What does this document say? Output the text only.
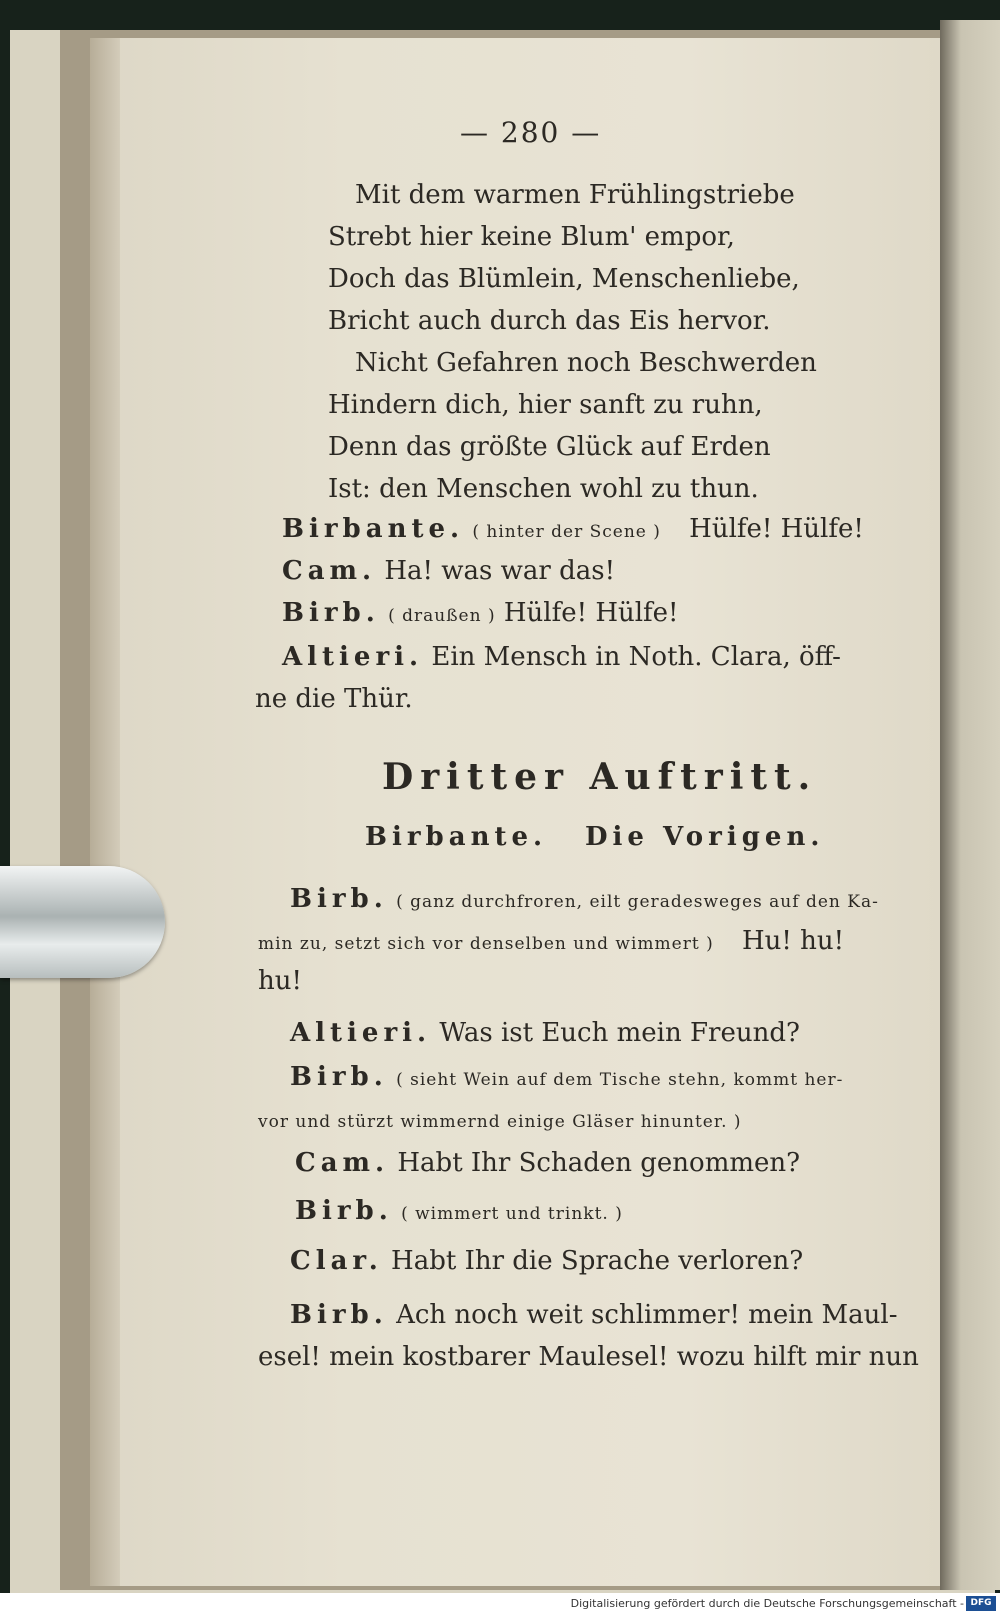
— 280 —
Mit dem warmen Frühlingstriebe
Strebt hier keine Blum' empor,
Doch das Blümlein, Menschenliebe,
Bricht auch durch das Eis hervor.
Nicht Gefahren noch Beschwerden
Hindern dich, hier sanft zu ruhn,
Denn das größte Glück auf Erden
Ist: den Menschen wohl zu thun.
Birbante. ( hinter der Scene ) Hülfe! Hülfe!
Cam. Ha! was war das!
Birb. ( draußen ) Hülfe! Hülfe!
Altieri. Ein Mensch in Noth. Clara, öff-
ne die Thür.
Dritter Auftritt.
Birbante. Die Vorigen.
Birb. ( ganz durchfroren, eilt geradesweges auf den Ka-
min zu, setzt sich vor denselben und wimmert ) Hu! hu!
hu!
Altieri. Was ist Euch mein Freund?
Birb. ( sieht Wein auf dem Tische stehn, kommt her-
vor und stürzt wimmernd einige Gläser hinunter. )
Cam. Habt Ihr Schaden genommen?
Birb. ( wimmert und trinkt. )
Clar. Habt Ihr die Sprache verloren?
Birb. Ach noch weit schlimmer! mein Maul-
esel! mein kostbarer Maulesel! wozu hilft mir nun
Digitalisierung gefördert durch die Deutsche Forschungsgemeinschaft - DFG
